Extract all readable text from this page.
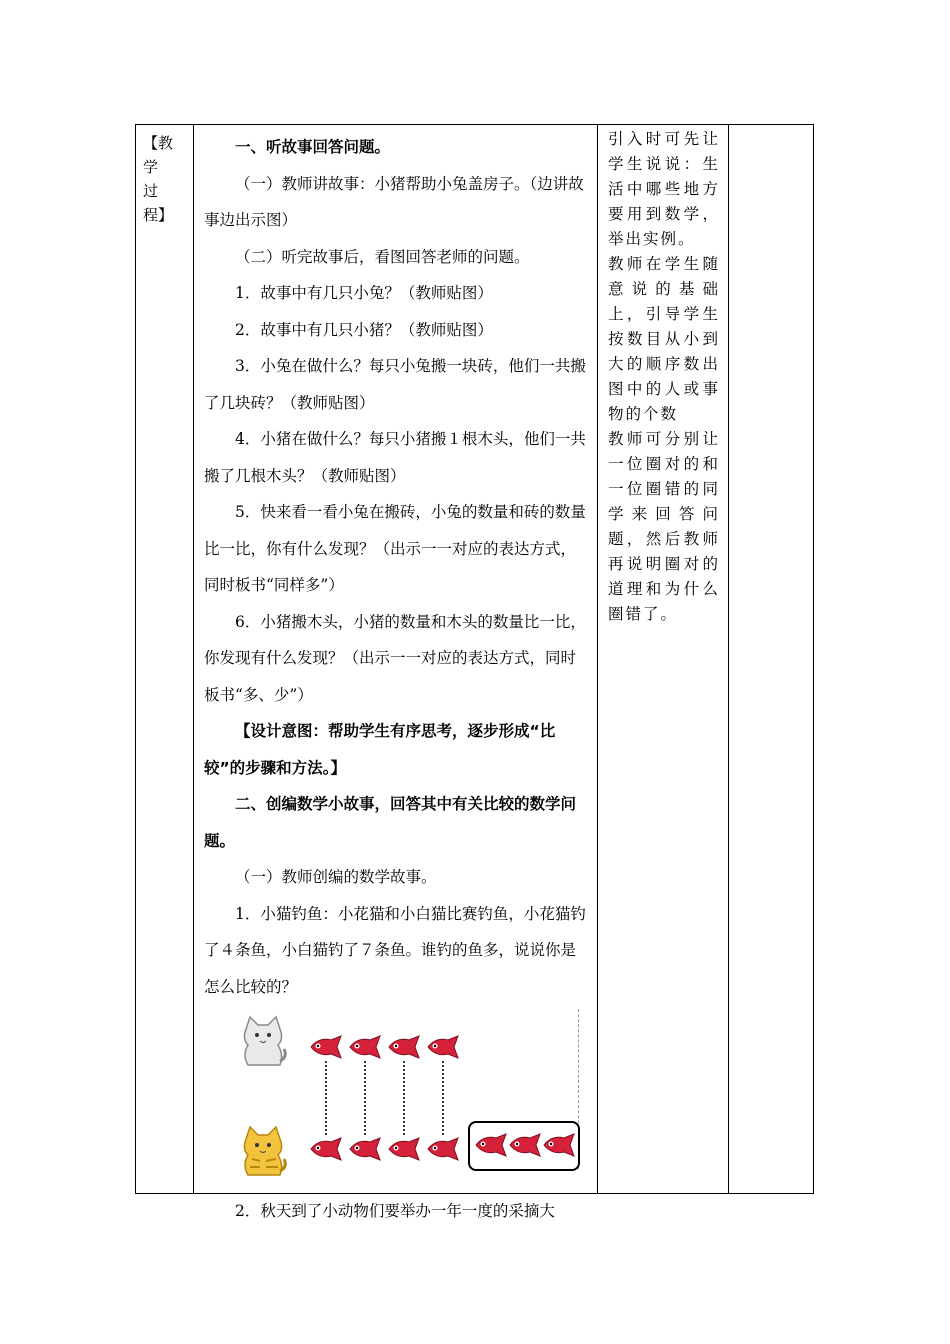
【教学过程】

一、听故事回答问题。

（一）教师讲故事：小猪帮助小兔盖房子。（边讲故事边出示图）

（二）听完故事后，看图回答老师的问题。

1．故事中有几只小兔？（教师贴图）

2．故事中有几只小猪？（教师贴图）

3．小兔在做什么？每只小兔搬一块砖，他们一共搬了几块砖？（教师贴图）

4．小猪在做什么？每只小猪搬１根木头，他们一共搬了几根木头？（教师贴图）

5．快来看一看小兔在搬砖，小兔的数量和砖的数量比一比，你有什么发现？（出示一一对应的表达方式，同时板书“同样多”）

6．小猪搬木头，小猪的数量和木头的数量比一比，你发现有什么发现？（出示一一对应的表达方式，同时板书“多、少”）

【设计意图：帮助学生有序思考，逐步形成“比较”的步骤和方法。】

二、创编数学小故事，回答其中有关比较的数学问题。

（一）教师创编的数学故事。

1．小猫钓鱼：小花猫和小白猫比赛钓鱼，小花猫钓了４条鱼，小白猫钓了７条鱼。谁钓的鱼多，说说你是怎么比较的？

2．秋天到了小动物们要举办一年一度的采摘大

引入时可先让学生说说：生活中哪些地方要用到数学，举出实例。

教师在学生随意说的基础上，引导学生按数目从小到大的顺序数出图中的人或事物的个数

教师可分别让一位圈对的和一位圈错的同学来回答问题，然后教师再说明圈对的道理和为什么圈错了。
